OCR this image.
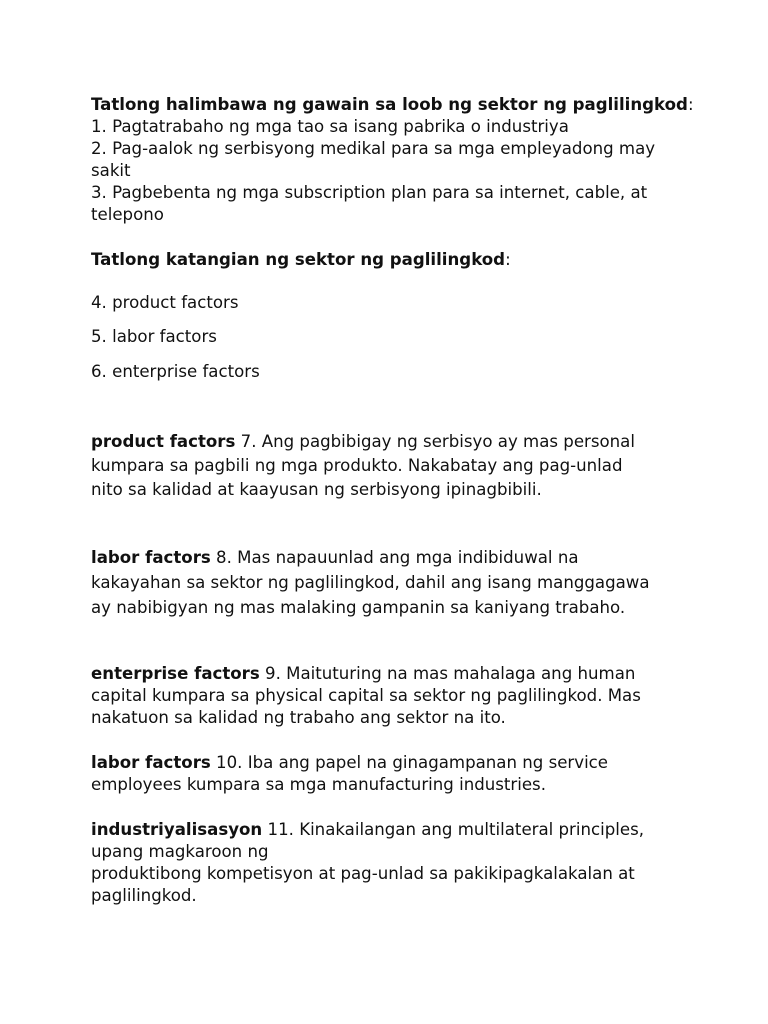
Tatlong halimbawa ng gawain sa loob ng sektor ng paglilingkod:
1. Pagtatrabaho ng mga tao sa isang pabrika o industriya
2. Pag-aalok ng serbisyong medikal para sa mga empleyadong may
sakit
3. Pagbebenta ng mga subscription plan para sa internet, cable, at
telepono
Tatlong katangian ng sektor ng paglilingkod:
4. product factors
5. labor factors
6. enterprise factors
product factors 7. Ang pagbibigay ng serbisyo ay mas personal
kumpara sa pagbili ng mga produkto. Nakabatay ang pag-unlad
nito sa kalidad at kaayusan ng serbisyong ipinagbibili.
labor factors 8. Mas napauunlad ang mga indibiduwal na
kakayahan sa sektor ng paglilingkod, dahil ang isang manggagawa
ay nabibigyan ng mas malaking gampanin sa kaniyang trabaho.
enterprise factors 9. Maituturing na mas mahalaga ang human
capital kumpara sa physical capital sa sektor ng paglilingkod. Mas
nakatuon sa kalidad ng trabaho ang sektor na ito.
labor factors 10. Iba ang papel na ginagampanan ng service
employees kumpara sa mga manufacturing industries.
industriyalisasyon 11. Kinakailangan ang multilateral principles,
upang magkaroon ng
produktibong kompetisyon at pag-unlad sa pakikipagkalakalan at
paglilingkod.
